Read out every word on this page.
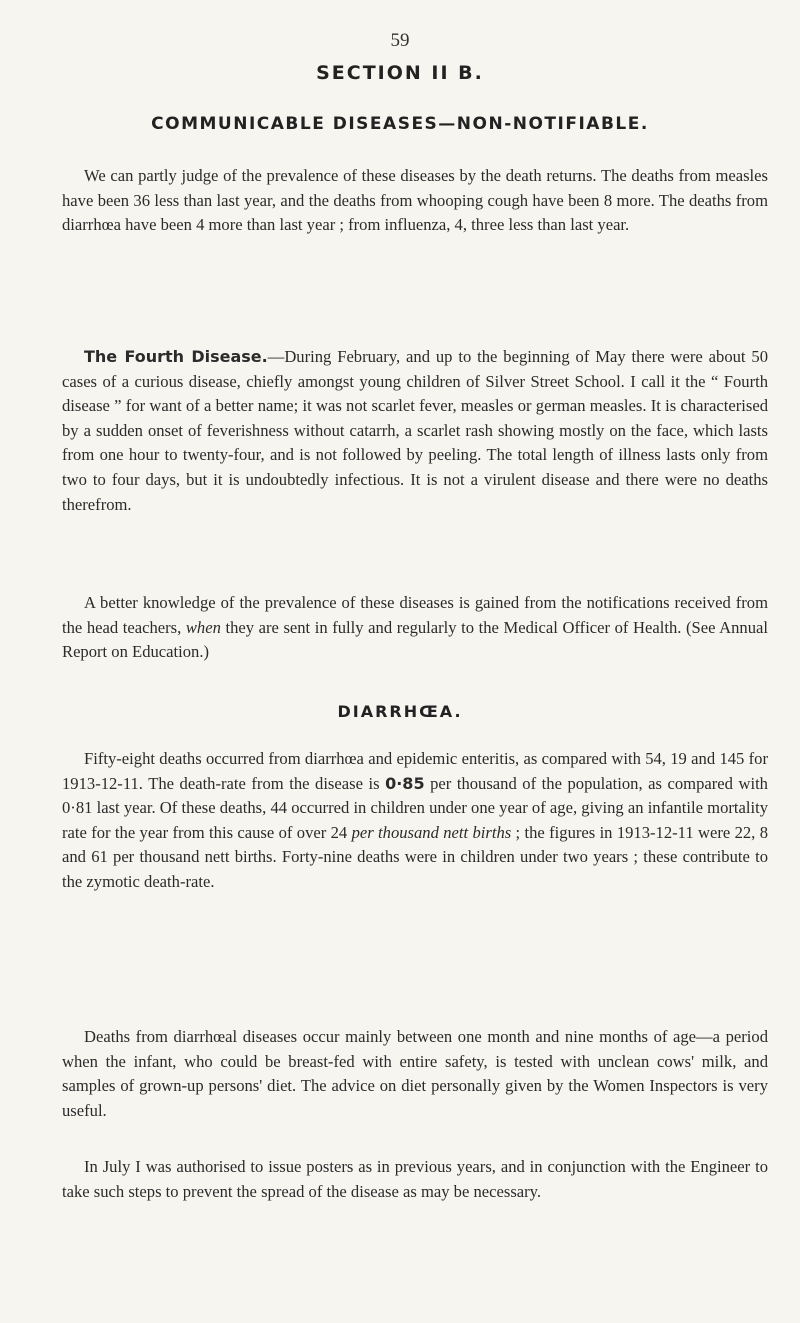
59
SECTION II B.
COMMUNICABLE DISEASES—NON-NOTIFIABLE.

We can partly judge of the prevalence of these diseases by the death returns. The deaths from measles have been 36 less than last year, and the deaths from whooping cough have been 8 more. The deaths from diarrhœa have been 4 more than last year ; from influenza, 4, three less than last year.

The Fourth Disease.—During February, and up to the beginning of May there were about 50 cases of a curious disease, chiefly amongst young children of Silver Street School. I call it the “ Fourth disease ” for want of a better name; it was not scarlet fever, measles or german measles. It is characterised by a sudden onset of feverishness without catarrh, a scarlet rash showing mostly on the face, which lasts from one hour to twenty-four, and is not followed by peeling. The total length of illness lasts only from two to four days, but it is undoubtedly infectious. It is not a virulent disease and there were no deaths therefrom.

A better knowledge of the prevalence of these diseases is gained from the notifications received from the head teachers, when they are sent in fully and regularly to the Medical Officer of Health. (See Annual Report on Education.)

DIARRHŒA.

Fifty-eight deaths occurred from diarrhœa and epidemic enteritis, as compared with 54, 19 and 145 for 1913-12-11. The death-rate from the disease is 0·85 per thousand of the population, as compared with 0·81 last year. Of these deaths, 44 occurred in children under one year of age, giving an infantile mortality rate for the year from this cause of over 24 per thousand nett births ; the figures in 1913-12-11 were 22, 8 and 61 per thousand nett births. Forty-nine deaths were in children under two years ; these contribute to the zymotic death-rate.

Deaths from diarrhœal diseases occur mainly between one month and nine months of age—a period when the infant, who could be breast-fed with entire safety, is tested with unclean cows' milk, and samples of grown-up persons' diet. The advice on diet personally given by the Women Inspectors is very useful.

In July I was authorised to issue posters as in previous years, and in conjunction with the Engineer to take such steps to prevent the spread of the disease as may be necessary.
